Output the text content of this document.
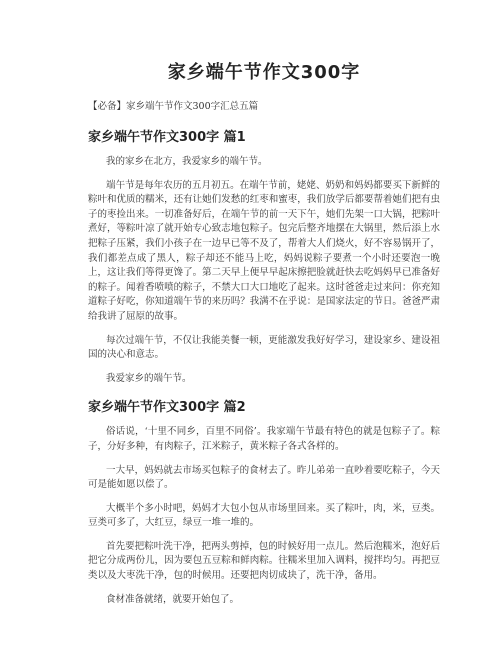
家乡端午节作文300字

【必备】家乡端午节作文300字汇总五篇

家乡端午节作文300字 篇1

我的家乡在北方，我爱家乡的端午节。

端午节是每年农历的五月初五。在端午节前，姥姥、奶奶和妈妈都要买下新鲜的粽叶和优质的糯米，还有让她们发愁的红枣和蜜枣，我们放学后都要帮着她们把有虫子的枣捡出来。一切准备好后，在端午节的前一天下午，她们先架一口大锅，把粽叶煮好，等粽叶凉了就开始专心致志地包粽子。包完后整齐地摆在大锅里，然后添上水把粽子压紧，我们小孩子在一边早已等不及了，帮着大人们烧火，好不容易锅开了，我们都差点成了黑人，粽子却还不能马上吃，妈妈说粽子要煮一个小时还要泡一晚上，这让我们等得更馋了。第二天早上便早早起床擦把脸就赶快去吃妈妈早已准备好的粽子。闻着香喷喷的粽子，不禁大口大口地吃了起来。这时爸爸走过来问：你充知道粽子好吃，你知道端午节的来历吗？我满不在乎说：是国家法定的节日。爸爸严肃给我讲了屈原的故事。

每次过端午节，不仅让我能美餐一顿，更能激发我好好学习，建设家乡、建设祖国的决心和意志。

我爱家乡的端午节。

家乡端午节作文300字 篇2

俗话说，‘十里不同乡，百里不同俗’。我家端午节最有特色的就是包粽子了。粽子，分好多种，有肉粽子，江米粽子，黄米粽子各式各样的。

一大早，妈妈就去市场买包粽子的食材去了。昨儿弟弟一直吵着要吃粽子，今天可是能如愿以偿了。

大概半个多小时吧，妈妈才大包小包从市场里回来。买了粽叶，肉，米，豆类。豆类可多了，大红豆，绿豆一堆一堆的。

首先要把粽叶洗干净，把两头剪掉，包的时候好用一点儿。然后泡糯米，泡好后把它分成两份儿，因为要包五豆粽和鲜肉粽。往糯米里加入调料，搅拌均匀。再把豆类以及大枣洗干净，包的时候用。还要把肉切成块了，洗干净，备用。

食材准备就绪，就要开始包了。
